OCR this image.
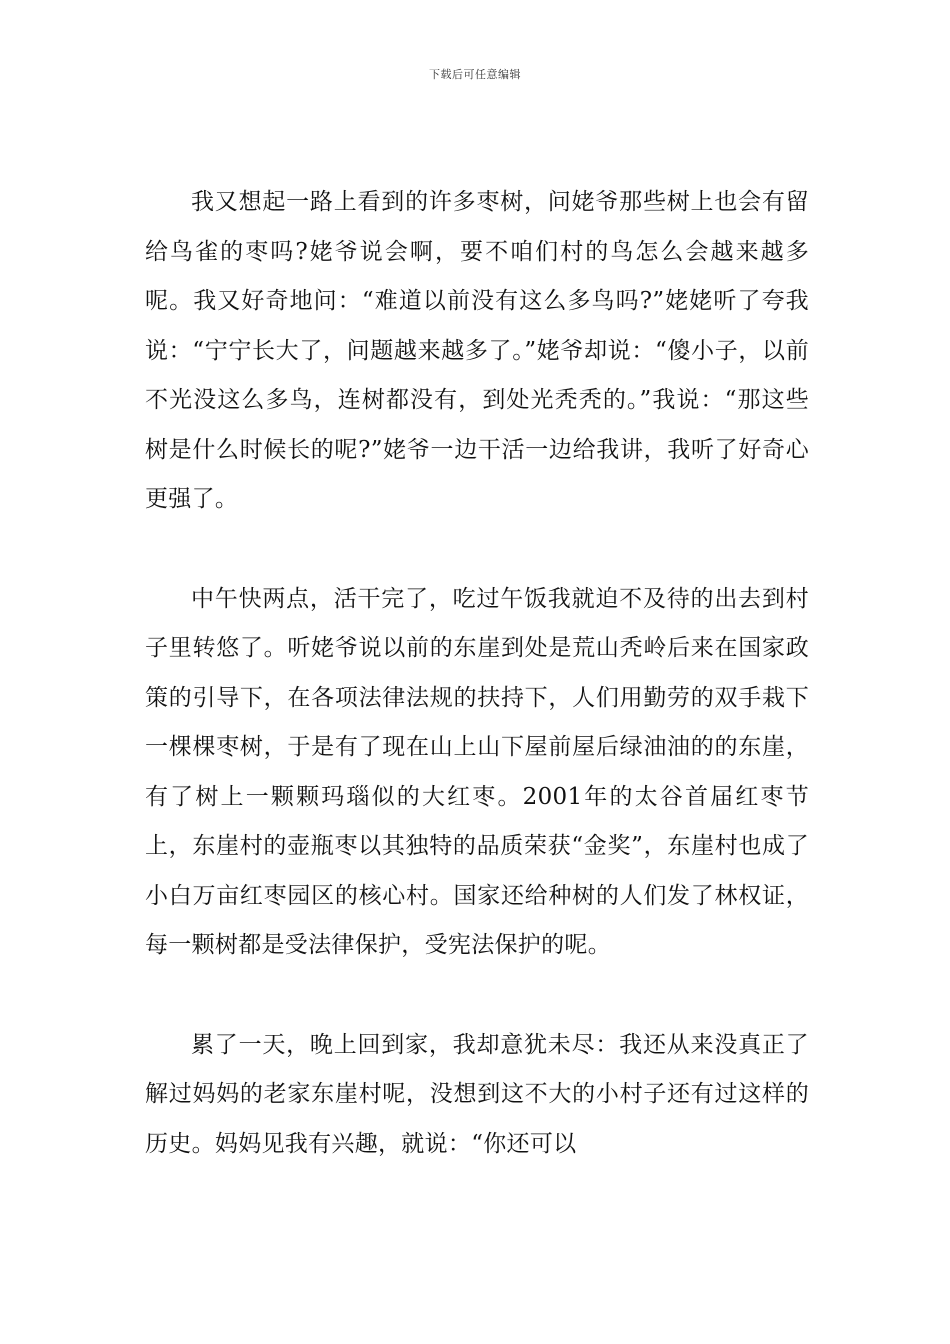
下载后可任意编辑

我又想起一路上看到的许多枣树，问姥爷那些树上也会有留给鸟雀的枣吗?姥爷说会啊，要不咱们村的鸟怎么会越来越多呢。我又好奇地问：“难道以前没有这么多鸟吗?”姥姥听了夸我说：“宁宁长大了，问题越来越多了。”姥爷却说：“傻小子，以前不光没这么多鸟，连树都没有，到处光秃秃的。”我说：“那这些树是什么时候长的呢?”姥爷一边干活一边给我讲，我听了好奇心更强了。

中午快两点，活干完了，吃过午饭我就迫不及待的出去到村子里转悠了。听姥爷说以前的东崖到处是荒山秃岭后来在国家政策的引导下，在各项法律法规的扶持下，人们用勤劳的双手栽下一棵棵枣树，于是有了现在山上山下屋前屋后绿油油的的东崖，有了树上一颗颗玛瑙似的大红枣。2001年的太谷首届红枣节上，东崖村的壶瓶枣以其独特的品质荣获“金奖”，东崖村也成了小白万亩红枣园区的核心村。国家还给种树的人们发了林权证，每一颗树都是受法律保护，受宪法保护的呢。

累了一天，晚上回到家，我却意犹未尽：我还从来没真正了解过妈妈的老家东崖村呢，没想到这不大的小村子还有过这样的历史。妈妈见我有兴趣，就说：“你还可以
